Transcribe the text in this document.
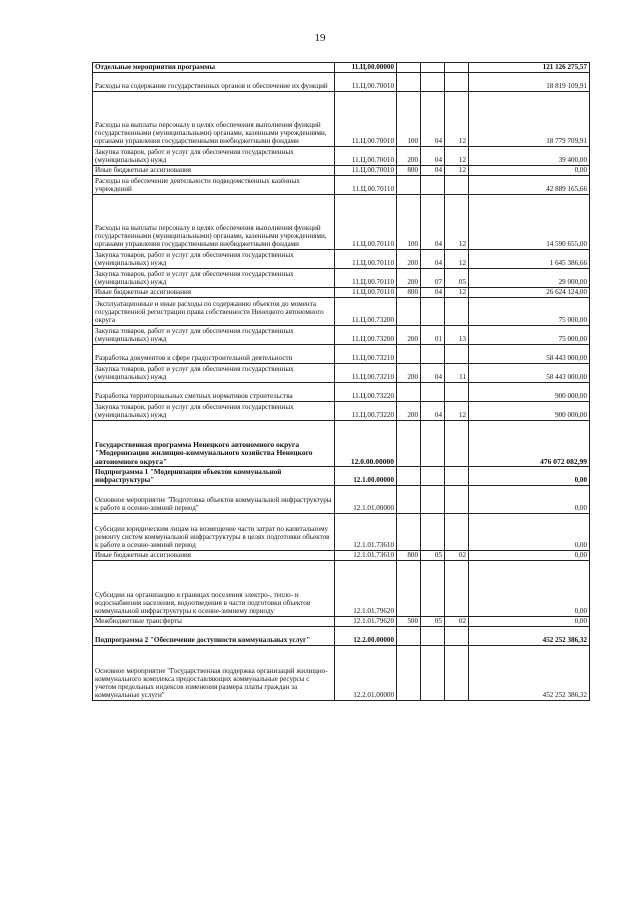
19
Отдельные мероприятия программы	11.Ц.00.00000				121 126 275,57
Расходы на содержание государственных органов и обеспечение их функций	11.Ц.00.70010				18 819 109,91
Расходы на выплаты персоналу в целях обеспечения выполнения функций государственными (муниципальными) органами, казенными учреждениями, органами управления государственными внебюджетными фондами	11.Ц.00.70010	100	04	12	18 779 709,91
Закупка товаров, работ и услуг для обеспечения государственных (муниципальных) нужд	11.Ц.00.70010	200	04	12	39 400,00
Иные бюджетные ассигнования	11.Ц.00.70010	800	04	12	0,00
Расходы на обеспечение деятельности подведомственных казённых учреждений	11.Ц.00.70110				42 889 165,66
Расходы на выплаты персоналу в целях обеспечения выполнения функций государственными (муниципальными) органами, казенными учреждениями, органами управления государственными внебюджетными фондами	11.Ц.00.70110	100	04	12	14 590 655,00
Закупка товаров, работ и услуг для обеспечения государственных (муниципальных) нужд	11.Ц.00.70110	200	04	12	1 645 386,66
Закупка товаров, работ и услуг для обеспечения государственных (муниципальных) нужд	11.Ц.00.70110	200	07	05	29 000,00
Иные бюджетные ассигнования	11.Ц.00.70110	800	04	12	26 624 124,00
Эксплуатационные и иные расходы по содержанию объектов до момента государственной регистрации права собственности Ненецкого автономного округа	11.Ц.00.73200				75 000,00
Закупка товаров, работ и услуг для обеспечения государственных (муниципальных) нужд	11.Ц.00.73200	200	01	13	75 000,00
Разработка документов в сфере градостроительной деятельности	11.Ц.00.73210				58 443 000,00
Закупка товаров, работ и услуг для обеспечения государственных (муниципальных) нужд	11.Ц.00.73210	200	04	11	58 443 000,00
Разработка территориальных сметных нормативов строительства	11.Ц.00.73220				900 000,00
Закупка товаров, работ и услуг для обеспечения государственных (муниципальных) нужд	11.Ц.00.73220	200	04	12	900 000,00
Государственная программа Ненецкого автономного округа "Модернизация жилищно-коммунального хозяйства Ненецкого автономного округа"	12.0.00.00000				476 072 082,99
Подпрограмма 1 "Модернизация объектов коммунальной инфраструктуры"	12.1.00.00000				0,00
Основное мероприятие "Подготовка объектов коммунальной инфраструктуры к работе в осенне-зимний период"	12.1.01.00000				0,00
Субсидии юридическим лицам на возмещение части затрат по капитальному ремонту систем коммунальной инфраструктуры в целях подготовки объектов к работе в осенне-зимний период	12.1.01.73610				0,00
Иные бюджетные ассигнования	12.1.01.73610	800	05	02	0,00
Субсидии на организацию в границах поселения электро-, тепло- и водоснабжения населения, водоотведения в части подготовки объектов коммунальной инфраструктуры к осенне-зимнему периоду	12.1.01.79620				0,00
Межбюджетные трансферты	12.1.01.79620	500	05	02	0,00
Подпрограмма 2 "Обеспечение доступности коммунальных услуг"	12.2.00.00000				452 252 386,32
Основное мероприятие "Государственная поддержка организаций жилищно-коммунального комплекса предоставляющих коммунальные ресурсы с учетом предельных индексов изменения размера платы граждан за коммунальные услуги"	12.2.01.00000				452 252 386,32
